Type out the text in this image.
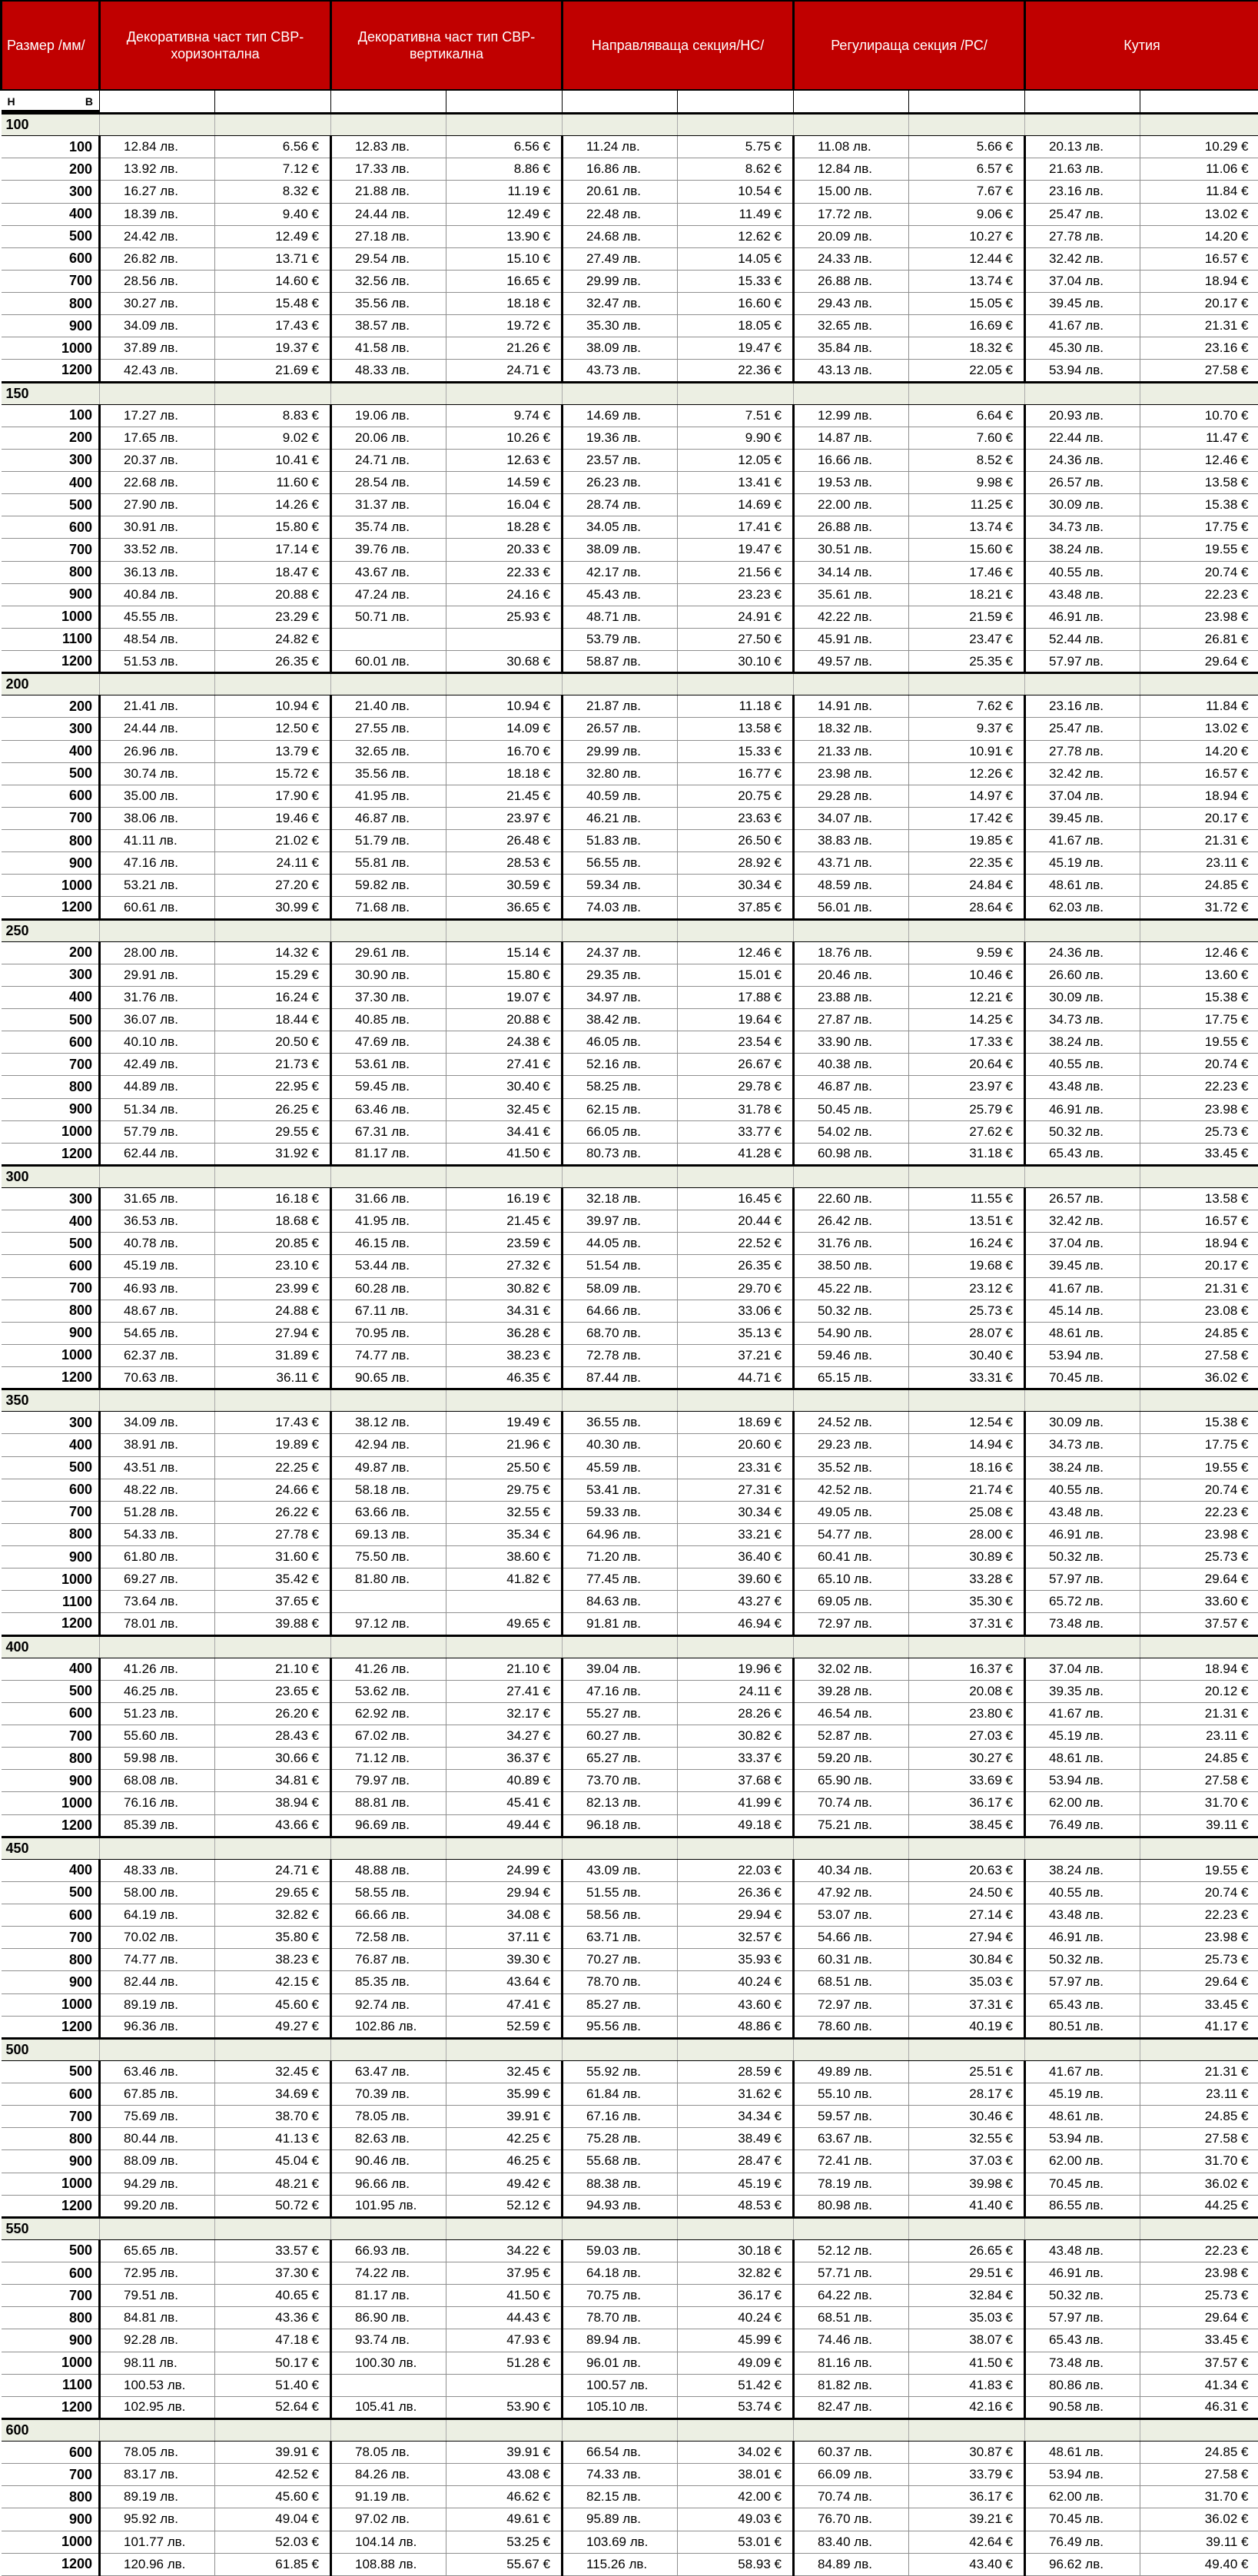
Размер /мм/	Декоративна част тип СВР-хоризонтална		Декоративна част тип СВР-вертикална		Направляваща секция/НС/		Регулираща секция /РС/		Кутия	

Н	В

100										
100	12.84 лв.	6.56 €	12.83 лв.	6.56 €	11.24 лв.	5.75 €	11.08 лв.	5.66 €	20.13 лв.	10.29 €
200	13.92 лв.	7.12 €	17.33 лв.	8.86 €	16.86 лв.	8.62 €	12.84 лв.	6.57 €	21.63 лв.	11.06 €
300	16.27 лв.	8.32 €	21.88 лв.	11.19 €	20.61 лв.	10.54 €	15.00 лв.	7.67 €	23.16 лв.	11.84 €
400	18.39 лв.	9.40 €	24.44 лв.	12.49 €	22.48 лв.	11.49 €	17.72 лв.	9.06 €	25.47 лв.	13.02 €
500	24.42 лв.	12.49 €	27.18 лв.	13.90 €	24.68 лв.	12.62 €	20.09 лв.	10.27 €	27.78 лв.	14.20 €
600	26.82 лв.	13.71 €	29.54 лв.	15.10 €	27.49 лв.	14.05 €	24.33 лв.	12.44 €	32.42 лв.	16.57 €
700	28.56 лв.	14.60 €	32.56 лв.	16.65 €	29.99 лв.	15.33 €	26.88 лв.	13.74 €	37.04 лв.	18.94 €
800	30.27 лв.	15.48 €	35.56 лв.	18.18 €	32.47 лв.	16.60 €	29.43 лв.	15.05 €	39.45 лв.	20.17 €
900	34.09 лв.	17.43 €	38.57 лв.	19.72 €	35.30 лв.	18.05 €	32.65 лв.	16.69 €	41.67 лв.	21.31 €
1000	37.89 лв.	19.37 €	41.58 лв.	21.26 €	38.09 лв.	19.47 €	35.84 лв.	18.32 €	45.30 лв.	23.16 €
1200	42.43 лв.	21.69 €	48.33 лв.	24.71 €	43.73 лв.	22.36 €	43.13 лв.	22.05 €	53.94 лв.	27.58 €
150										
100	17.27 лв.	8.83 €	19.06 лв.	9.74 €	14.69 лв.	7.51 €	12.99 лв.	6.64 €	20.93 лв.	10.70 €
200	17.65 лв.	9.02 €	20.06 лв.	10.26 €	19.36 лв.	9.90 €	14.87 лв.	7.60 €	22.44 лв.	11.47 €
300	20.37 лв.	10.41 €	24.71 лв.	12.63 €	23.57 лв.	12.05 €	16.66 лв.	8.52 €	24.36 лв.	12.46 €
400	22.68 лв.	11.60 €	28.54 лв.	14.59 €	26.23 лв.	13.41 €	19.53 лв.	9.98 €	26.57 лв.	13.58 €
500	27.90 лв.	14.26 €	31.37 лв.	16.04 €	28.74 лв.	14.69 €	22.00 лв.	11.25 €	30.09 лв.	15.38 €
600	30.91 лв.	15.80 €	35.74 лв.	18.28 €	34.05 лв.	17.41 €	26.88 лв.	13.74 €	34.73 лв.	17.75 €
700	33.52 лв.	17.14 €	39.76 лв.	20.33 €	38.09 лв.	19.47 €	30.51 лв.	15.60 €	38.24 лв.	19.55 €
800	36.13 лв.	18.47 €	43.67 лв.	22.33 €	42.17 лв.	21.56 €	34.14 лв.	17.46 €	40.55 лв.	20.74 €
900	40.84 лв.	20.88 €	47.24 лв.	24.16 €	45.43 лв.	23.23 €	35.61 лв.	18.21 €	43.48 лв.	22.23 €
1000	45.55 лв.	23.29 €	50.71 лв.	25.93 €	48.71 лв.	24.91 €	42.22 лв.	21.59 €	46.91 лв.	23.98 €
1100	48.54 лв.	24.82 €			53.79 лв.	27.50 €	45.91 лв.	23.47 €	52.44 лв.	26.81 €
1200	51.53 лв.	26.35 €	60.01 лв.	30.68 €	58.87 лв.	30.10 €	49.57 лв.	25.35 €	57.97 лв.	29.64 €
200										
200	21.41 лв.	10.94 €	21.40 лв.	10.94 €	21.87 лв.	11.18 €	14.91 лв.	7.62 €	23.16 лв.	11.84 €
300	24.44 лв.	12.50 €	27.55 лв.	14.09 €	26.57 лв.	13.58 €	18.32 лв.	9.37 €	25.47 лв.	13.02 €
400	26.96 лв.	13.79 €	32.65 лв.	16.70 €	29.99 лв.	15.33 €	21.33 лв.	10.91 €	27.78 лв.	14.20 €
500	30.74 лв.	15.72 €	35.56 лв.	18.18 €	32.80 лв.	16.77 €	23.98 лв.	12.26 €	32.42 лв.	16.57 €
600	35.00 лв.	17.90 €	41.95 лв.	21.45 €	40.59 лв.	20.75 €	29.28 лв.	14.97 €	37.04 лв.	18.94 €
700	38.06 лв.	19.46 €	46.87 лв.	23.97 €	46.21 лв.	23.63 €	34.07 лв.	17.42 €	39.45 лв.	20.17 €
800	41.11 лв.	21.02 €	51.79 лв.	26.48 €	51.83 лв.	26.50 €	38.83 лв.	19.85 €	41.67 лв.	21.31 €
900	47.16 лв.	24.11 €	55.81 лв.	28.53 €	56.55 лв.	28.92 €	43.71 лв.	22.35 €	45.19 лв.	23.11 €
1000	53.21 лв.	27.20 €	59.82 лв.	30.59 €	59.34 лв.	30.34 €	48.59 лв.	24.84 €	48.61 лв.	24.85 €
1200	60.61 лв.	30.99 €	71.68 лв.	36.65 €	74.03 лв.	37.85 €	56.01 лв.	28.64 €	62.03 лв.	31.72 €
250										
200	28.00 лв.	14.32 €	29.61 лв.	15.14 €	24.37 лв.	12.46 €	18.76 лв.	9.59 €	24.36 лв.	12.46 €
300	29.91 лв.	15.29 €	30.90 лв.	15.80 €	29.35 лв.	15.01 €	20.46 лв.	10.46 €	26.60 лв.	13.60 €
400	31.76 лв.	16.24 €	37.30 лв.	19.07 €	34.97 лв.	17.88 €	23.88 лв.	12.21 €	30.09 лв.	15.38 €
500	36.07 лв.	18.44 €	40.85 лв.	20.88 €	38.42 лв.	19.64 €	27.87 лв.	14.25 €	34.73 лв.	17.75 €
600	40.10 лв.	20.50 €	47.69 лв.	24.38 €	46.05 лв.	23.54 €	33.90 лв.	17.33 €	38.24 лв.	19.55 €
700	42.49 лв.	21.73 €	53.61 лв.	27.41 €	52.16 лв.	26.67 €	40.38 лв.	20.64 €	40.55 лв.	20.74 €
800	44.89 лв.	22.95 €	59.45 лв.	30.40 €	58.25 лв.	29.78 €	46.87 лв.	23.97 €	43.48 лв.	22.23 €
900	51.34 лв.	26.25 €	63.46 лв.	32.45 €	62.15 лв.	31.78 €	50.45 лв.	25.79 €	46.91 лв.	23.98 €
1000	57.79 лв.	29.55 €	67.31 лв.	34.41 €	66.05 лв.	33.77 €	54.02 лв.	27.62 €	50.32 лв.	25.73 €
1200	62.44 лв.	31.92 €	81.17 лв.	41.50 €	80.73 лв.	41.28 €	60.98 лв.	31.18 €	65.43 лв.	33.45 €
300										
300	31.65 лв.	16.18 €	31.66 лв.	16.19 €	32.18 лв.	16.45 €	22.60 лв.	11.55 €	26.57 лв.	13.58 €
400	36.53 лв.	18.68 €	41.95 лв.	21.45 €	39.97 лв.	20.44 €	26.42 лв.	13.51 €	32.42 лв.	16.57 €
500	40.78 лв.	20.85 €	46.15 лв.	23.59 €	44.05 лв.	22.52 €	31.76 лв.	16.24 €	37.04 лв.	18.94 €
600	45.19 лв.	23.10 €	53.44 лв.	27.32 €	51.54 лв.	26.35 €	38.50 лв.	19.68 €	39.45 лв.	20.17 €
700	46.93 лв.	23.99 €	60.28 лв.	30.82 €	58.09 лв.	29.70 €	45.22 лв.	23.12 €	41.67 лв.	21.31 €
800	48.67 лв.	24.88 €	67.11 лв.	34.31 €	64.66 лв.	33.06 €	50.32 лв.	25.73 €	45.14 лв.	23.08 €
900	54.65 лв.	27.94 €	70.95 лв.	36.28 €	68.70 лв.	35.13 €	54.90 лв.	28.07 €	48.61 лв.	24.85 €
1000	62.37 лв.	31.89 €	74.77 лв.	38.23 €	72.78 лв.	37.21 €	59.46 лв.	30.40 €	53.94 лв.	27.58 €
1200	70.63 лв.	36.11 €	90.65 лв.	46.35 €	87.44 лв.	44.71 €	65.15 лв.	33.31 €	70.45 лв.	36.02 €
350										
300	34.09 лв.	17.43 €	38.12 лв.	19.49 €	36.55 лв.	18.69 €	24.52 лв.	12.54 €	30.09 лв.	15.38 €
400	38.91 лв.	19.89 €	42.94 лв.	21.96 €	40.30 лв.	20.60 €	29.23 лв.	14.94 €	34.73 лв.	17.75 €
500	43.51 лв.	22.25 €	49.87 лв.	25.50 €	45.59 лв.	23.31 €	35.52 лв.	18.16 €	38.24 лв.	19.55 €
600	48.22 лв.	24.66 €	58.18 лв.	29.75 €	53.41 лв.	27.31 €	42.52 лв.	21.74 €	40.55 лв.	20.74 €
700	51.28 лв.	26.22 €	63.66 лв.	32.55 €	59.33 лв.	30.34 €	49.05 лв.	25.08 €	43.48 лв.	22.23 €
800	54.33 лв.	27.78 €	69.13 лв.	35.34 €	64.96 лв.	33.21 €	54.77 лв.	28.00 €	46.91 лв.	23.98 €
900	61.80 лв.	31.60 €	75.50 лв.	38.60 €	71.20 лв.	36.40 €	60.41 лв.	30.89 €	50.32 лв.	25.73 €
1000	69.27 лв.	35.42 €	81.80 лв.	41.82 €	77.45 лв.	39.60 €	65.10 лв.	33.28 €	57.97 лв.	29.64 €
1100	73.64 лв.	37.65 €			84.63 лв.	43.27 €	69.05 лв.	35.30 €	65.72 лв.	33.60 €
1200	78.01 лв.	39.88 €	97.12 лв.	49.65 €	91.81 лв.	46.94 €	72.97 лв.	37.31 €	73.48 лв.	37.57 €
400										
400	41.26 лв.	21.10 €	41.26 лв.	21.10 €	39.04 лв.	19.96 €	32.02 лв.	16.37 €	37.04 лв.	18.94 €
500	46.25 лв.	23.65 €	53.62 лв.	27.41 €	47.16 лв.	24.11 €	39.28 лв.	20.08 €	39.35 лв.	20.12 €
600	51.23 лв.	26.20 €	62.92 лв.	32.17 €	55.27 лв.	28.26 €	46.54 лв.	23.80 €	41.67 лв.	21.31 €
700	55.60 лв.	28.43 €	67.02 лв.	34.27 €	60.27 лв.	30.82 €	52.87 лв.	27.03 €	45.19 лв.	23.11 €
800	59.98 лв.	30.66 €	71.12 лв.	36.37 €	65.27 лв.	33.37 €	59.20 лв.	30.27 €	48.61 лв.	24.85 €
900	68.08 лв.	34.81 €	79.97 лв.	40.89 €	73.70 лв.	37.68 €	65.90 лв.	33.69 €	53.94 лв.	27.58 €
1000	76.16 лв.	38.94 €	88.81 лв.	45.41 €	82.13 лв.	41.99 €	70.74 лв.	36.17 €	62.00 лв.	31.70 €
1200	85.39 лв.	43.66 €	96.69 лв.	49.44 €	96.18 лв.	49.18 €	75.21 лв.	38.45 €	76.49 лв.	39.11 €
450										
400	48.33 лв.	24.71 €	48.88 лв.	24.99 €	43.09 лв.	22.03 €	40.34 лв.	20.63 €	38.24 лв.	19.55 €
500	58.00 лв.	29.65 €	58.55 лв.	29.94 €	51.55 лв.	26.36 €	47.92 лв.	24.50 €	40.55 лв.	20.74 €
600	64.19 лв.	32.82 €	66.66 лв.	34.08 €	58.56 лв.	29.94 €	53.07 лв.	27.14 €	43.48 лв.	22.23 €
700	70.02 лв.	35.80 €	72.58 лв.	37.11 €	63.71 лв.	32.57 €	54.66 лв.	27.94 €	46.91 лв.	23.98 €
800	74.77 лв.	38.23 €	76.87 лв.	39.30 €	70.27 лв.	35.93 €	60.31 лв.	30.84 €	50.32 лв.	25.73 €
900	82.44 лв.	42.15 €	85.35 лв.	43.64 €	78.70 лв.	40.24 €	68.51 лв.	35.03 €	57.97 лв.	29.64 €
1000	89.19 лв.	45.60 €	92.74 лв.	47.41 €	85.27 лв.	43.60 €	72.97 лв.	37.31 €	65.43 лв.	33.45 €
1200	96.36 лв.	49.27 €	102.86 лв.	52.59 €	95.56 лв.	48.86 €	78.60 лв.	40.19 €	80.51 лв.	41.17 €
500										
500	63.46 лв.	32.45 €	63.47 лв.	32.45 €	55.92 лв.	28.59 €	49.89 лв.	25.51 €	41.67 лв.	21.31 €
600	67.85 лв.	34.69 €	70.39 лв.	35.99 €	61.84 лв.	31.62 €	55.10 лв.	28.17 €	45.19 лв.	23.11 €
700	75.69 лв.	38.70 €	78.05 лв.	39.91 €	67.16 лв.	34.34 €	59.57 лв.	30.46 €	48.61 лв.	24.85 €
800	80.44 лв.	41.13 €	82.63 лв.	42.25 €	75.28 лв.	38.49 €	63.67 лв.	32.55 €	53.94 лв.	27.58 €
900	88.09 лв.	45.04 €	90.46 лв.	46.25 €	55.68 лв.	28.47 €	72.41 лв.	37.03 €	62.00 лв.	31.70 €
1000	94.29 лв.	48.21 €	96.66 лв.	49.42 €	88.38 лв.	45.19 €	78.19 лв.	39.98 €	70.45 лв.	36.02 €
1200	99.20 лв.	50.72 €	101.95 лв.	52.12 €	94.93 лв.	48.53 €	80.98 лв.	41.40 €	86.55 лв.	44.25 €
550										
500	65.65 лв.	33.57 €	66.93 лв.	34.22 €	59.03 лв.	30.18 €	52.12 лв.	26.65 €	43.48 лв.	22.23 €
600	72.95 лв.	37.30 €	74.22 лв.	37.95 €	64.18 лв.	32.82 €	57.71 лв.	29.51 €	46.91 лв.	23.98 €
700	79.51 лв.	40.65 €	81.17 лв.	41.50 €	70.75 лв.	36.17 €	64.22 лв.	32.84 €	50.32 лв.	25.73 €
800	84.81 лв.	43.36 €	86.90 лв.	44.43 €	78.70 лв.	40.24 €	68.51 лв.	35.03 €	57.97 лв.	29.64 €
900	92.28 лв.	47.18 €	93.74 лв.	47.93 €	89.94 лв.	45.99 €	74.46 лв.	38.07 €	65.43 лв.	33.45 €
1000	98.11 лв.	50.17 €	100.30 лв.	51.28 €	96.01 лв.	49.09 €	81.16 лв.	41.50 €	73.48 лв.	37.57 €
1100	100.53 лв.	51.40 €			100.57 лв.	51.42 €	81.82 лв.	41.83 €	80.86 лв.	41.34 €
1200	102.95 лв.	52.64 €	105.41 лв.	53.90 €	105.10 лв.	53.74 €	82.47 лв.	42.16 €	90.58 лв.	46.31 €
600										
600	78.05 лв.	39.91 €	78.05 лв.	39.91 €	66.54 лв.	34.02 €	60.37 лв.	30.87 €	48.61 лв.	24.85 €
700	83.17 лв.	42.52 €	84.26 лв.	43.08 €	74.33 лв.	38.01 €	66.09 лв.	33.79 €	53.94 лв.	27.58 €
800	89.19 лв.	45.60 €	91.19 лв.	46.62 €	82.15 лв.	42.00 €	70.74 лв.	36.17 €	62.00 лв.	31.70 €
900	95.92 лв.	49.04 €	97.02 лв.	49.61 €	95.89 лв.	49.03 €	76.70 лв.	39.21 €	70.45 лв.	36.02 €
1000	101.77 лв.	52.03 €	104.14 лв.	53.25 €	103.69 лв.	53.01 €	83.40 лв.	42.64 €	76.49 лв.	39.11 €
1200	120.96 лв.	61.85 €	108.88 лв.	55.67 €	115.26 лв.	58.93 €	84.89 лв.	43.40 €	96.62 лв.	49.40 €
